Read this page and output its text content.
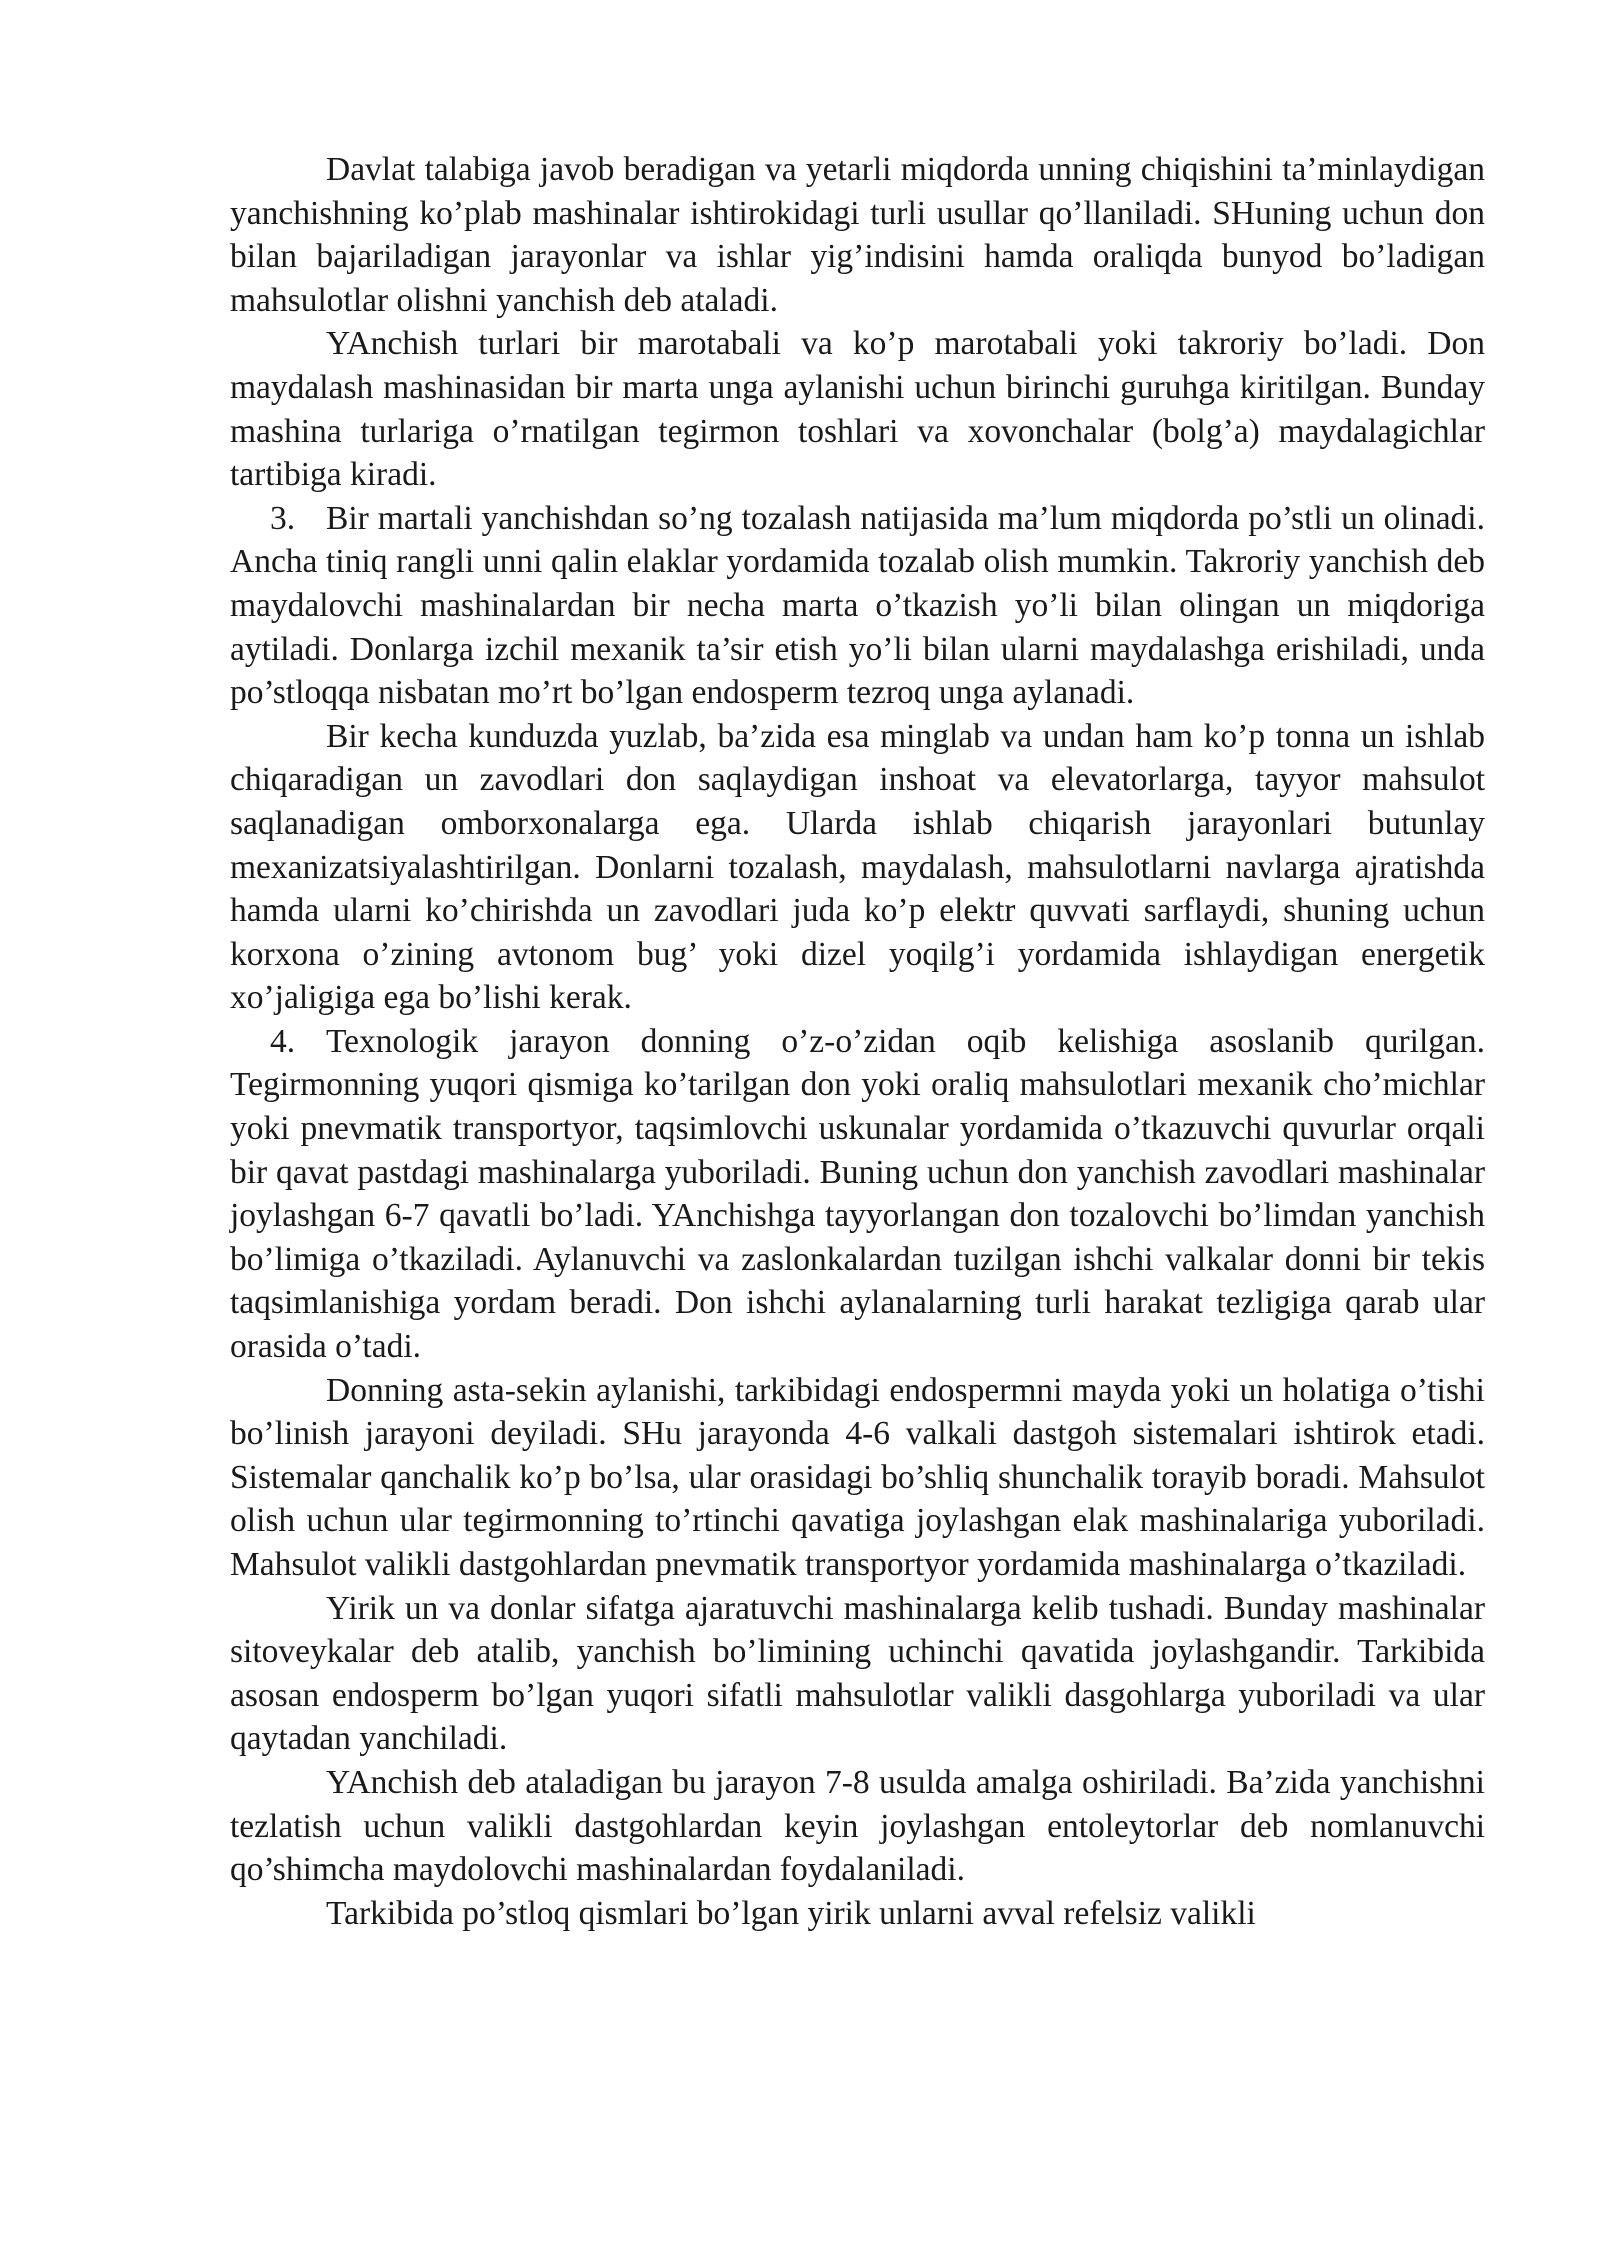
Davlat talabiga javob beradigan va yetarli miqdorda unning chiqishini ta’minlaydigan yanchishning ko’plab mashinalar ishtirokidagi turli usullar qo’llaniladi. SHuning uchun don bilan bajariladigan jarayonlar va ishlar yig’indisini hamda oraliqda bunyod bo’ladigan mahsulotlar olishni yanchish deb ataladi.

YAnchish turlari bir marotabali va ko’p marotabali yoki takroriy bo’ladi. Don maydalash mashinasidan bir marta unga aylanishi uchun birinchi guruhga kiritilgan. Bunday mashina turlariga o’rnatilgan tegirmon toshlari va xovonchalar (bolg’a) maydalagichlar tartibiga kiradi.

3. Bir martali yanchishdan so’ng tozalash natijasida ma’lum miqdorda po’stli un olinadi. Ancha tiniq rangli unni qalin elaklar yordamida tozalab olish mumkin. Takroriy yanchish deb maydalovchi mashinalardan bir necha marta o’tkazish yo’li bilan olingan un miqdoriga aytiladi. Donlarga izchil mexanik ta’sir etish yo’li bilan ularni maydalashga erishiladi, unda po’stloqqa nisbatan mo’rt bo’lgan endosperm tezroq unga aylanadi.

Bir kecha kunduzda yuzlab, ba’zida esa minglab va undan ham ko’p tonna un ishlab chiqaradigan un zavodlari don saqlaydigan inshoat va elevatorlarga, tayyor mahsulot saqlanadigan omborxonalarga ega. Ularda ishlab chiqarish jarayonlari butunlay mexanizatsiyalashtirilgan. Donlarni tozalash, maydalash, mahsulotlarni navlarga ajratishda hamda ularni ko’chirishda un zavodlari juda ko’p elektr quvvati sarflaydi, shuning uchun korxona o’zining avtonom bug’ yoki dizel yoqilg’i yordamida ishlaydigan energetik xo’jaligiga ega bo’lishi kerak.

4. Texnologik jarayon donning o’z-o’zidan oqib kelishiga asoslanib qurilgan. Tegirmonning yuqori qismiga ko’tarilgan don yoki oraliq mahsulotlari mexanik cho’michlar yoki pnevmatik transportyor, taqsimlovchi uskunalar yordamida o’tkazuvchi quvurlar orqali bir qavat pastdagi mashinalarga yuboriladi. Buning uchun don yanchish zavodlari mashinalar joylashgan 6-7 qavatli bo’ladi. YAnchishga tayyorlangan don tozalovchi bo’limdan yanchish bo’limiga o’tkaziladi. Aylanuvchi va zaslonkalardan tuzilgan ishchi valkalar donni bir tekis taqsimlanishiga yordam beradi. Don ishchi aylanalarning turli harakat tezligiga qarab ular orasida o’tadi.

Donning asta-sekin aylanishi, tarkibidagi endospermni mayda yoki un holatiga o’tishi bo’linish jarayoni deyiladi. SHu jarayonda 4-6 valkali dastgoh sistemalari ishtirok etadi. Sistemalar qanchalik ko’p bo’lsa, ular orasidagi bo’shliq shunchalik torayib boradi. Mahsulot olish uchun ular tegirmonning to’rtinchi qavatiga joylashgan elak mashinalariga yuboriladi. Mahsulot valikli dastgohlardan pnevmatik transportyor yordamida mashinalarga o’tkaziladi.

Yirik un va donlar sifatga ajaratuvchi mashinalarga kelib tushadi. Bunday mashinalar sitoveykalar deb atalib, yanchish bo’limining uchinchi qavatida joylashgandir. Tarkibida asosan endosperm bo’lgan yuqori sifatli mahsulotlar valikli dasgohlarga yuboriladi va ular qaytadan yanchiladi.

YAnchish deb ataladigan bu jarayon 7-8 usulda amalga oshiriladi. Ba’zida yanchishni tezlatish uchun valikli dastgohlardan keyin joylashgan entoleytorlar deb nomlanuvchi qo’shimcha maydolovchi mashinalardan foydalaniladi.

Tarkibida po’stloq qismlari bo’lgan yirik unlarni avval refelsiz valikli
